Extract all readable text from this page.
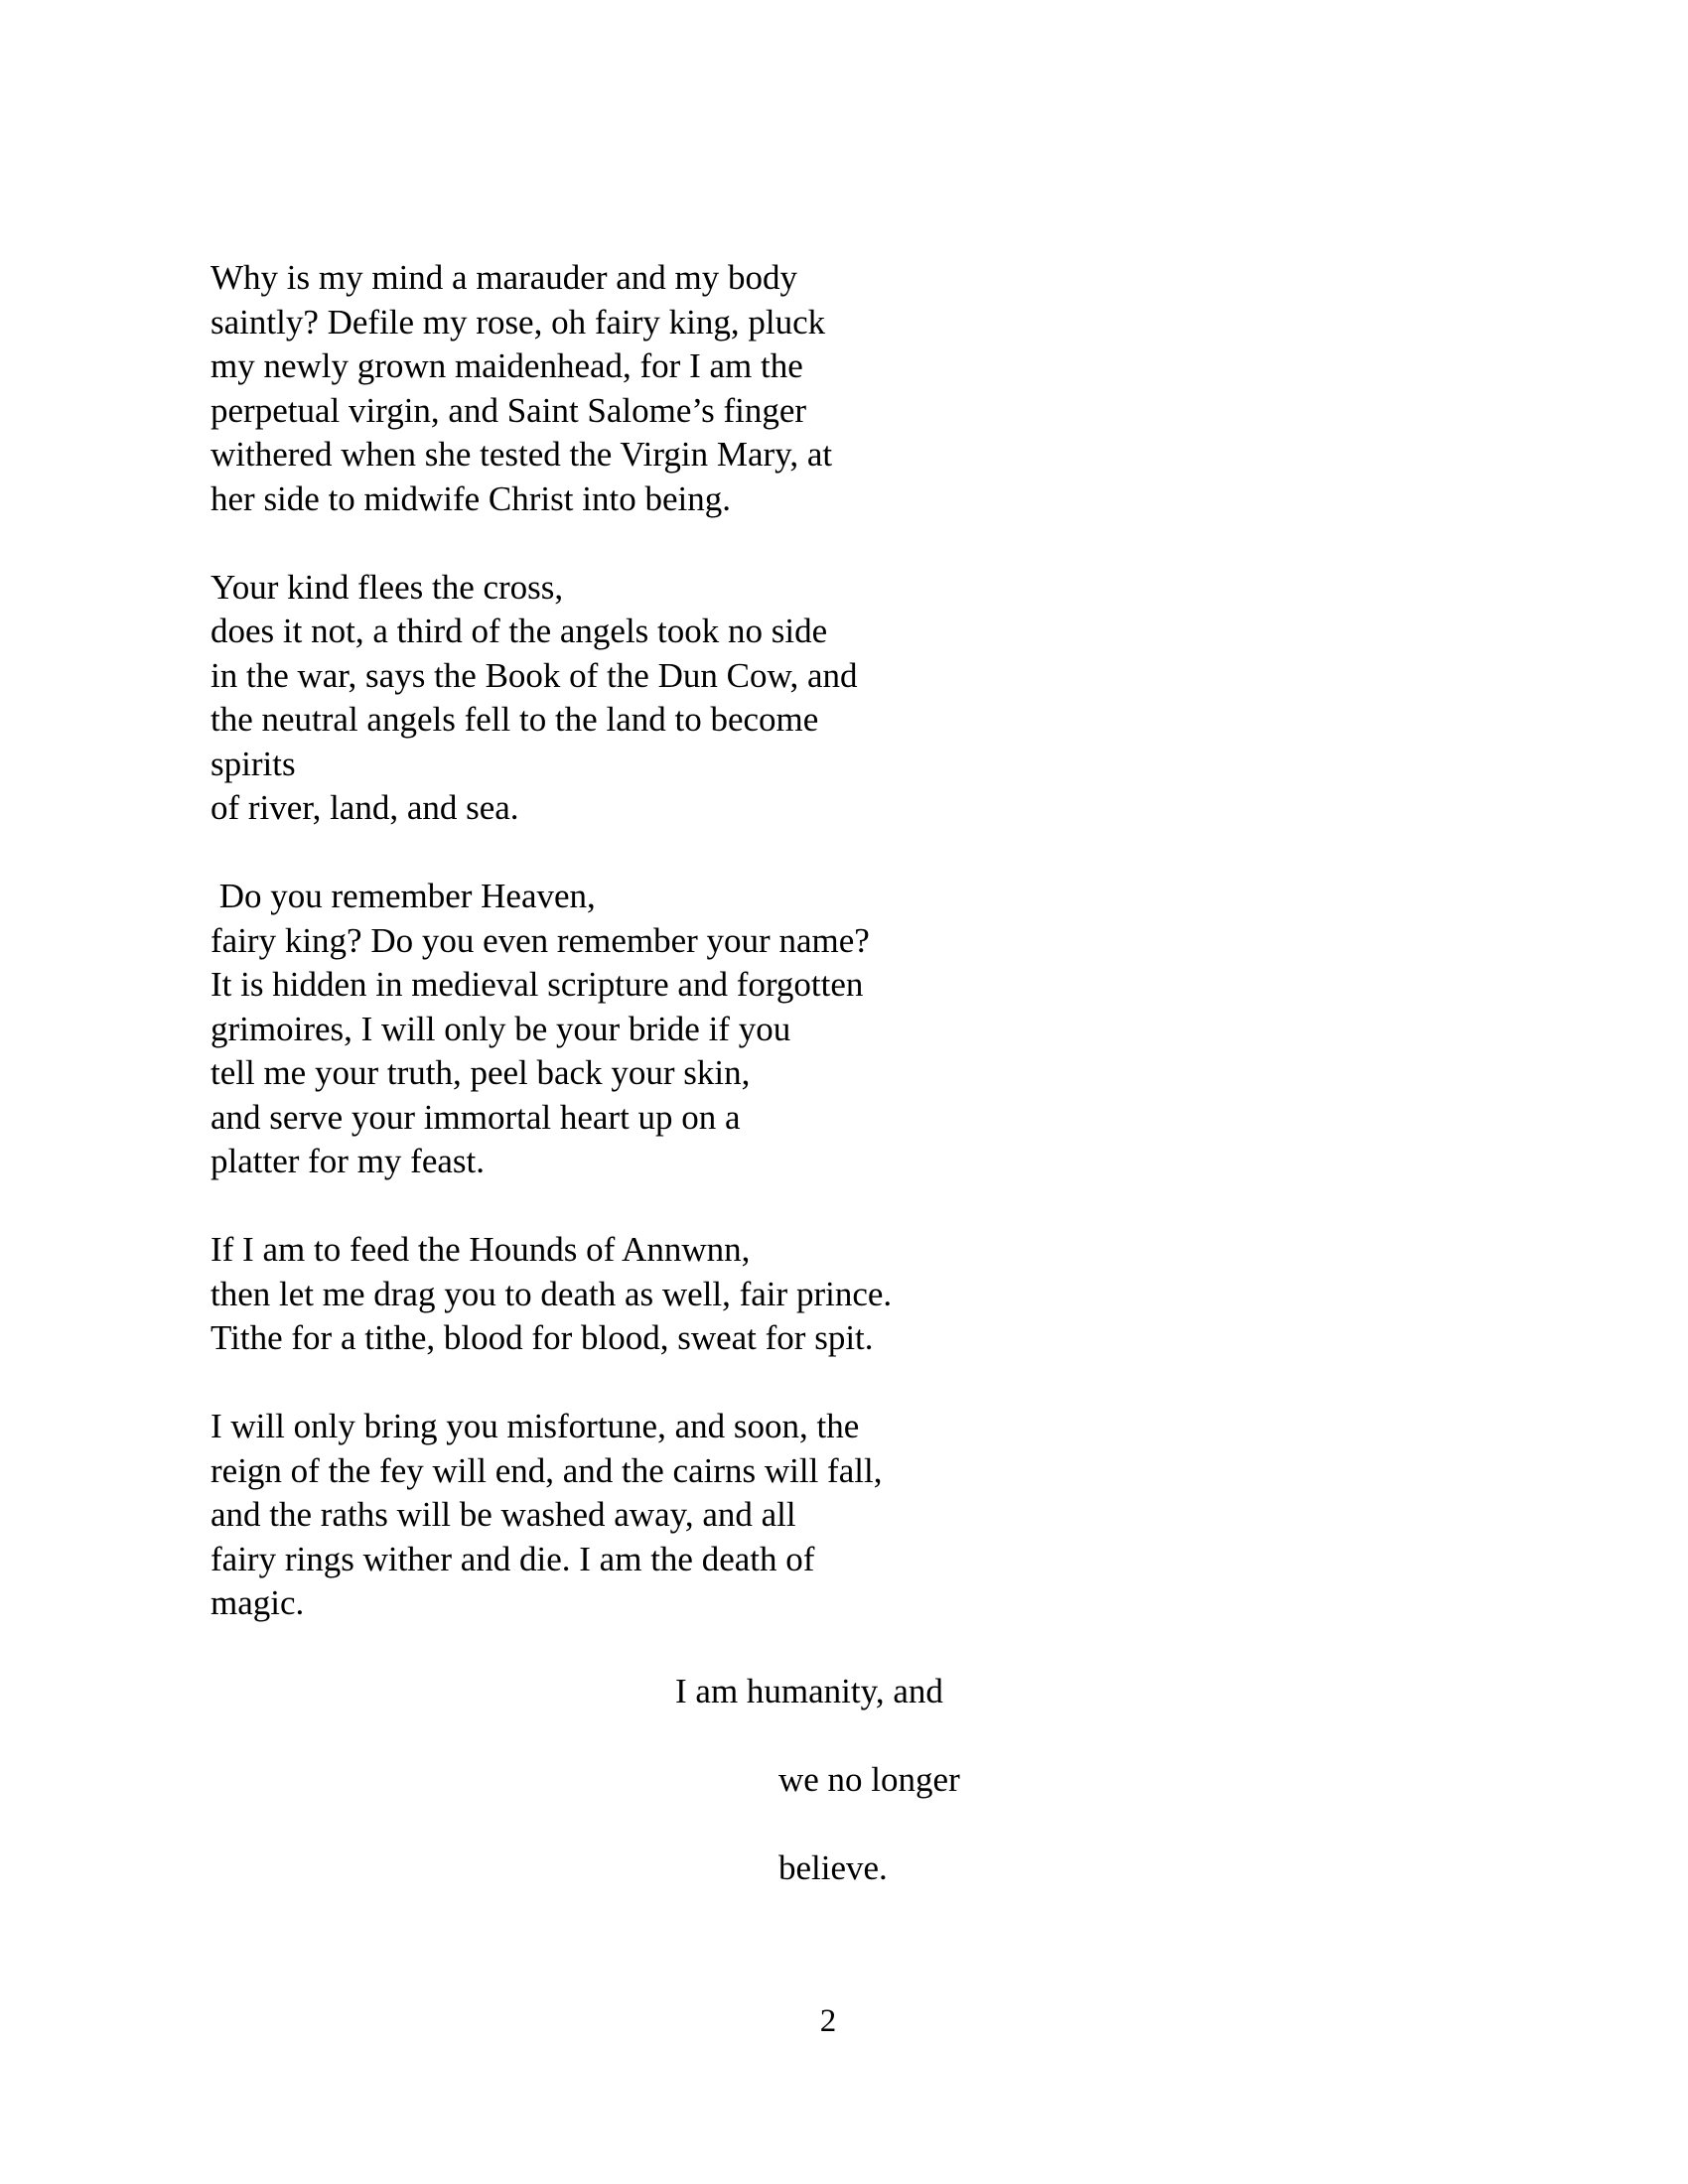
Why is my mind a marauder and my body
saintly? Defile my rose, oh fairy king, pluck
my newly grown maidenhead, for I am the
perpetual virgin, and Saint Salome’s finger
withered when she tested the Virgin Mary, at
her side to midwife Christ into being.
Your kind flees the cross,
does it not, a third of the angels took no side
in the war, says the Book of the Dun Cow, and
the neutral angels fell to the land to become
spirits
of river, land, and sea.
Do you remember Heaven,
fairy king? Do you even remember your name?
It is hidden in medieval scripture and forgotten
grimoires, I will only be your bride if you
tell me your truth, peel back your skin,
and serve your immortal heart up on a
platter for my feast.
If I am to feed the Hounds of Annwnn,
then let me drag you to death as well, fair prince.
Tithe for a tithe, blood for blood, sweat for spit.
I will only bring you misfortune, and soon, the
reign of the fey will end, and the cairns will fall,
and the raths will be washed away, and all
fairy rings wither and die. I am the death of
magic.
I am humanity, and
we no longer
believe.
2
